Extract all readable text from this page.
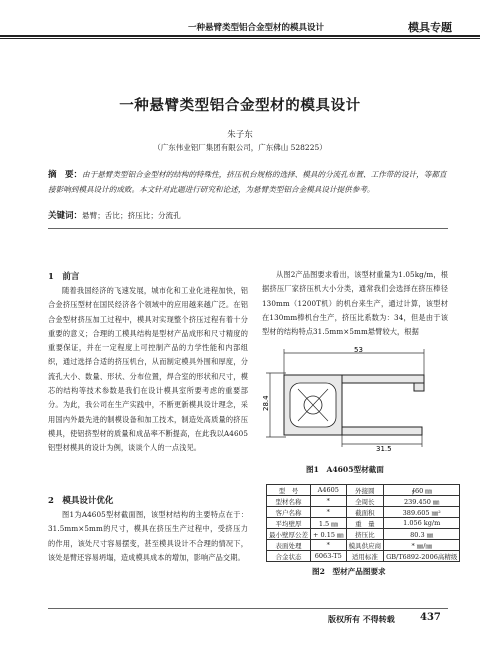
一种悬臂类型铝合金型材的模具设计	模具专题
一种悬臂类型铝合金型材的模具设计
朱子东
（广东伟业铝厂集团有限公司，广东佛山 528225）
摘　要：由于悬臂类型铝合金型材的结构的特殊性，挤压机台规格的选择、模具的分流孔布置、工作带的设计，等都直接影响到模具设计的成败。本文针对此题进行研究和论述，为悬臂类型铝合金模具设计提供参考。
关键词：悬臂；舌比；挤压比；分流孔
1　前言
随着我国经济的飞速发展，城市化和工业化进程加快，铝合金挤压型材在国民经济各个领域中的应用越来越广泛。在铝合金型材挤压加工过程中，模具对实现整个挤压过程有着十分重要的意义；合理的工模具结构是型材产品成形和尺寸精度的重要保证，并在一定程度上可控制产品的力学性能和内部组织，通过选择合适的挤压机台，从而制定模具外围和厚度，分流孔大小、数量、形状、分布位置，焊合室的形状和尺寸，模芯的结构等技术参数是我们在设计模具室所要考虑的重要部分。为此，我公司在生产实践中，不断更新模具设计理念，采用国内外最先进的制模设备和加工技术，制造处高质量的挤压模具，使铝挤型材的质量和成品率不断提高，在此我以A4605铝型材模具的设计为例，谈谈个人的一点浅见。
2　模具设计优化
图1为A4605型材截面图，该型材结构的主要特点在于：31.5mm×5mm的尺寸，模具在挤压生产过程中，受挤压力的作用，该处尺寸容易摆变，甚至模具设计不合理的情况下，该处是臂还容易坍塌，造成模具成本的增加，影响产品交期。
从图2产品图要求看出，该型材重量为1.05kg/m，根据挤压厂家挤压机大小分类，通常我们会选择在挤压棒径130mm（1200T机）的机台来生产，通过计算，该型材在130mm棒机台生产，挤压比系数为：34，但是由于该型材的结构特点31.5mm×5mm悬臂较大，根据
53
28.4
31.5
图1　A4605型材截面
型　号	A4605	外接圆	∮60 ㎜
型材名称	*	全周长	239.450 ㎜
客户名称	*	截面积	389.605 ㎜²
平均壁厚	1.5 ㎜	重　量	1.056 kg/m
最小壁厚公差	+ 0.15 ㎜	挤压比	80.3 ㎜
表面处理	*	模具供应商	* ㎜/㎜
合金状态	6063-T5	适用标准	GB/T6892-2006高精级
图2　型材产品图要求
版权所有 不得转载	437
